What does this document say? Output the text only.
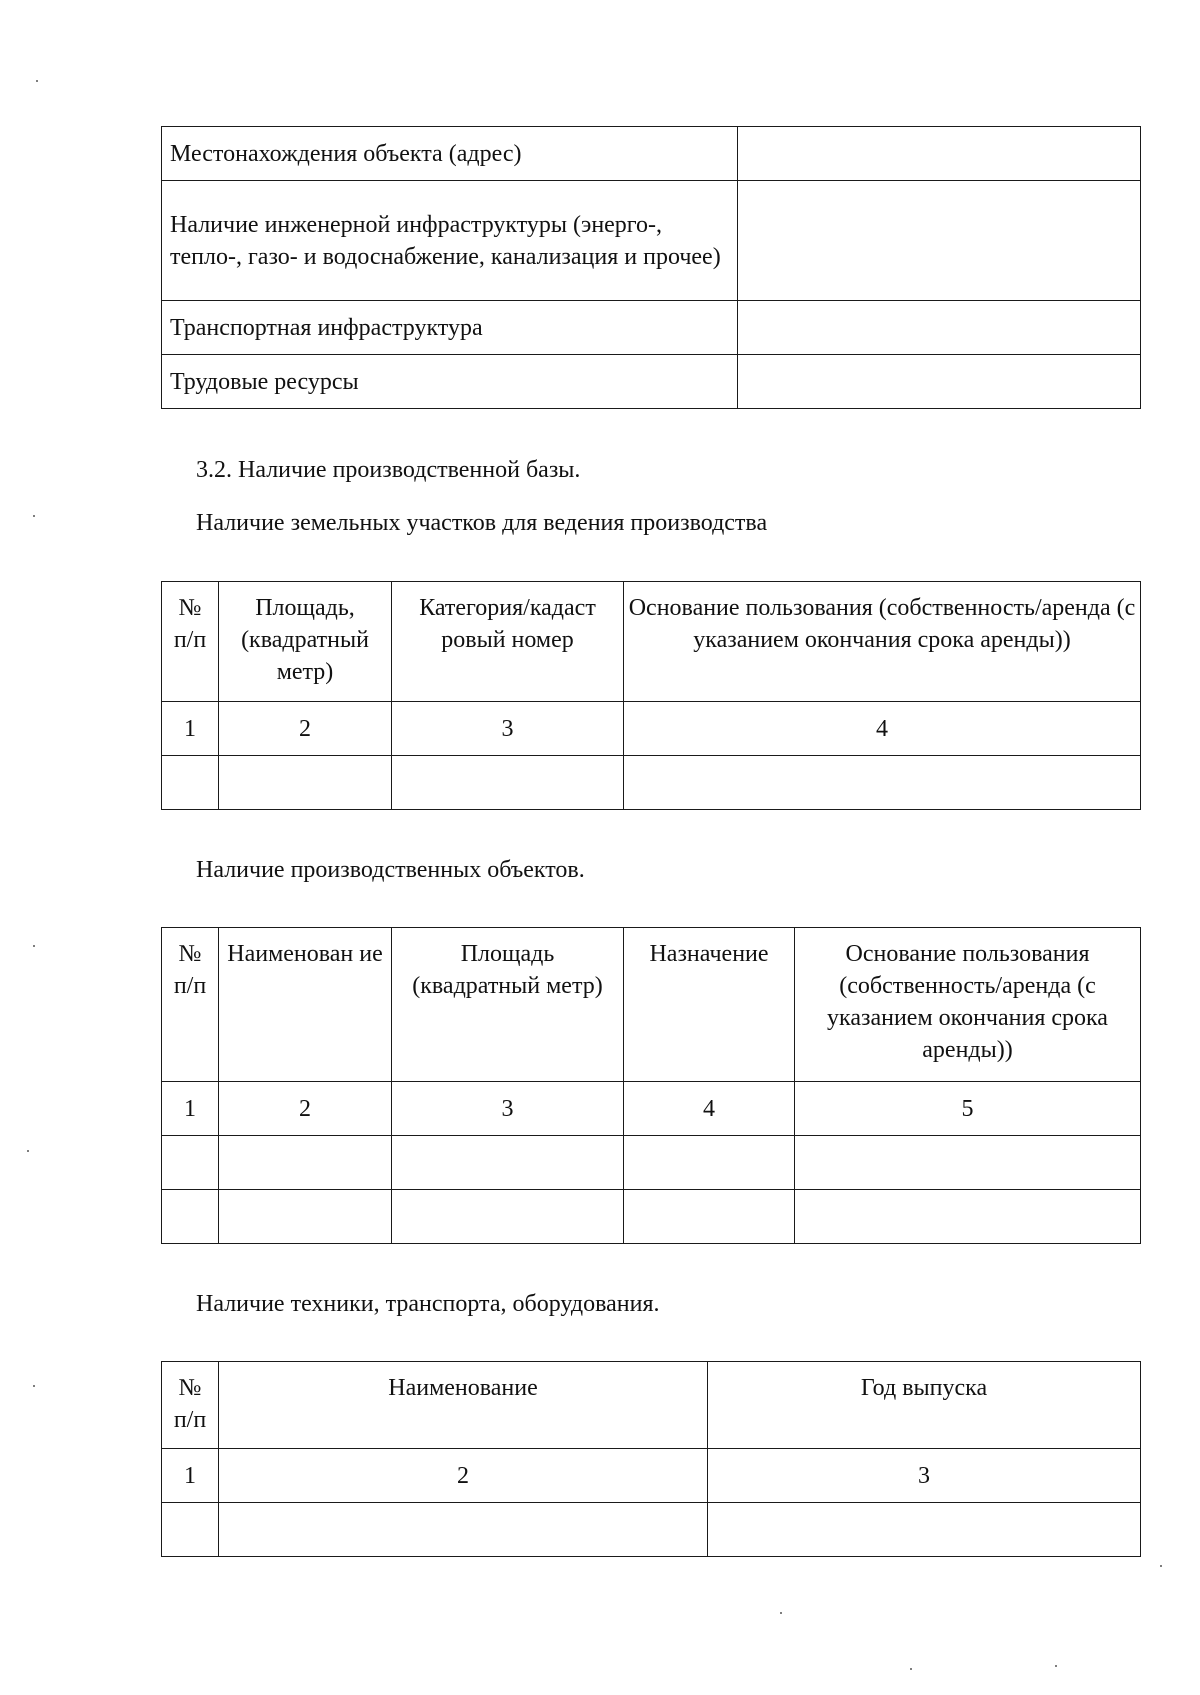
Местонахождения объекта (адрес)	
Наличие инженерной инфраструктуры (энерго-, тепло-, газо- и водоснабжение, канализация и прочее)	
Транспортная инфраструктура	
Трудовые ресурсы	
3.2. Наличие производственной базы.
Наличие земельных участков для ведения производства
№ п/п	Площадь, (квадратный метр)	Категория/кадаст ровый номер	Основание пользования (собственность/аренда (с указанием окончания срока аренды))
1	2	3	4

Наличие производственных объектов.
№ п/п	Наименован ие	Площадь (квадратный метр)	Назначение	Основание пользования (собственность/аренда (с указанием окончания срока аренды))
1	2	3	4	5

Наличие техники, транспорта, оборудования.
№ п/п	Наименование	Год выпуска
1	2	3
